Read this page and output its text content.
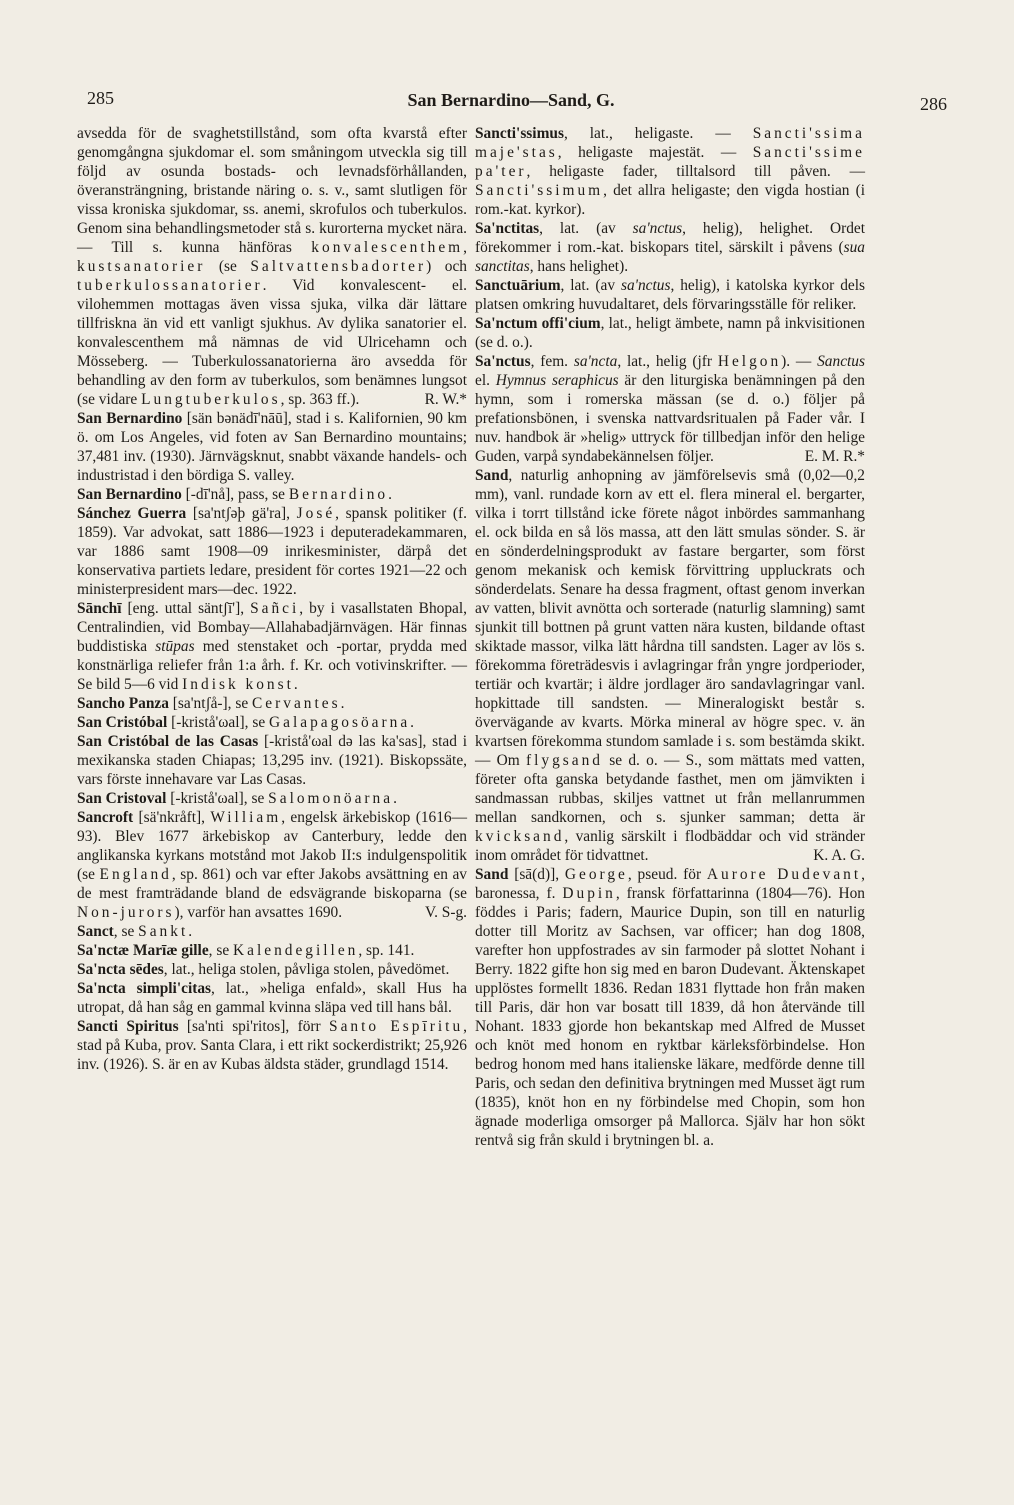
285	San Bernardino—Sand, G.	286

avsedda för de svaghetstillstånd, som ofta kvarstå efter genomgångna sjukdomar el. som småningom utveckla sig till följd av osunda bostads- och levnadsförhållanden, överansträngning, bristande näring o. s. v., samt slutligen för vissa kroniska sjukdomar, ss. anemi, skrofulos och tuberkulos. Genom sina behandlingsmetoder stå s. kurorterna mycket nära. — Till s. kunna hänföras konvalescenthem, kustsanatorier (se Saltvattensbadorter) och tuberkulossanatorier. Vid konvalescent- el. vilohemmen mottagas även vissa sjuka, vilka där lättare tillfriskna än vid ett vanligt sjukhus. Av dylika sanatorier el. konvalescenthem må nämnas de vid Ulricehamn och Mösseberg. — Tuberkulossanatorierna äro avsedda för behandling av den form av tuberkulos, som benämnes lungsot (se vidare Lungtuberkulos, sp. 363 ff.).	R. W.*

San Bernardino [sän bənädī'nāū], stad i s. Kalifornien, 90 km ö. om Los Angeles, vid foten av San Bernardino mountains; 37,481 inv. (1930). Järnvägsknut, snabbt växande handels- och industristad i den bördiga S. valley.

San Bernardino [-dī'nå], pass, se Bernardino.

Sánchez Guerra [sa'ntʃəþ gä'ra], José, spansk politiker (f. 1859). Var advokat, satt 1886—1923 i deputeradekammaren, var 1886 samt 1908—09 inrikesminister, därpå det konservativa partiets ledare, president för cortes 1921—22 och ministerpresident mars—dec. 1922.

Sānchī [eng. uttal säntʃī'], Sañci, by i vasallstaten Bhopal, Centralindien, vid Bombay—Allahabadjärnvägen. Här finnas buddistiska stūpas med stenstaket och -portar, prydda med konstnärliga reliefer från 1:a årh. f. Kr. och votivinskrifter. — Se bild 5—6 vid Indisk konst.

Sancho Panza [sa'ntʃå-], se Cervantes.

San Cristóbal [-kristå'ωal], se Galapagosöarna.

San Cristóbal de las Casas [-kristå'ωal də las ka'sas], stad i mexikanska staden Chiapas; 13,295 inv. (1921). Biskopssäte, vars förste innehavare var Las Casas.

San Cristoval [-kristå'ωal], se Salomonöarna.

Sancroft [sä'nkråft], William, engelsk ärkebiskop (1616—93). Blev 1677 ärkebiskop av Canterbury, ledde den anglikanska kyrkans motstånd mot Jakob II:s indulgenspolitik (se England, sp. 861) och var efter Jakobs avsättning en av de mest framträdande bland de edsvägrande biskoparna (se Non-jurors), varför han avsattes 1690.	V. S-g.

Sanct, se Sankt.

Sa'nctæ Marīæ gille, se Kalendegillen, sp. 141.

Sa'ncta sēdes, lat., heliga stolen, påvliga stolen, påvedömet.

Sa'ncta simpli'citas, lat., »heliga enfald», skall Hus ha utropat, då han såg en gammal kvinna släpa ved till hans bål.

Sancti Spiritus [sa'nti spi'ritos], förr Santo Espīritu, stad på Kuba, prov. Santa Clara, i ett rikt sockerdistrikt; 25,926 inv. (1926). S. är en av Kubas äldsta städer, grundlagd 1514.

Sancti'ssimus, lat., heligaste. — Sancti'ssima maje'stas, heligaste majestät. — Sancti'ssime pa'ter, heligaste fader, tilltalsord till påven. — Sancti'ssimum, det allra heligaste; den vigda hostian (i rom.-kat. kyrkor).

Sa'nctitas, lat. (av sa'nctus, helig), helighet. Ordet förekommer i rom.-kat. biskopars titel, särskilt i påvens (sua sanctitas, hans helighet).

Sanctuārium, lat. (av sa'nctus, helig), i katolska kyrkor dels platsen omkring huvudaltaret, dels förvaringsställe för reliker.

Sa'nctum offi'cium, lat., heligt ämbete, namn på inkvisitionen (se d. o.).

Sa'nctus, fem. sa'ncta, lat., helig (jfr Helgon). — Sanctus el. Hymnus seraphicus är den liturgiska benämningen på den hymn, som i romerska mässan (se d. o.) följer på prefationsbönen, i svenska nattvardsritualen på Fader vår. I nuv. handbok är »helig» uttryck för tillbedjan inför den helige Guden, varpå syndabekännelsen följer.	E. M. R.*

Sand, naturlig anhopning av jämförelsevis små (0,02—0,2 mm), vanl. rundade korn av ett el. flera mineral el. bergarter, vilka i torrt tillstånd icke förete något inbördes sammanhang el. ock bilda en så lös massa, att den lätt smulas sönder. S. är en sönderdelningsprodukt av fastare bergarter, som först genom mekanisk och kemisk förvittring uppluckrats och sönderdelats. Senare ha dessa fragment, oftast genom inverkan av vatten, blivit avnötta och sorterade (naturlig slamning) samt sjunkit till bottnen på grunt vatten nära kusten, bildande oftast skiktade massor, vilka lätt hårdna till sandsten. Lager av lös s. förekomma företrädesvis i avlagringar från yngre jordperioder, tertiär och kvartär; i äldre jordlager äro sandavlagringar vanl. hopkittade till sandsten. — Mineralogiskt består s. övervägande av kvarts. Mörka mineral av högre spec. v. än kvartsen förekomma stundom samlade i s. som bestämda skikt. — Om flygsand se d. o. — S., som mättats med vatten, företer ofta ganska betydande fasthet, men om jämvikten i sandmassan rubbas, skiljes vattnet ut från mellanrummen mellan sandkornen, och s. sjunker samman; detta är kvicksand, vanlig särskilt i flodbäddar och vid stränder inom området för tidvattnet.	K. A. G.

Sand [sā(d)], George, pseud. för Aurore Dudevant, baronessa, f. Dupin, fransk författarinna (1804—76). Hon föddes i Paris; fadern, Maurice Dupin, son till en naturlig dotter till Moritz av Sachsen, var officer; han dog 1808, varefter hon uppfostrades av sin farmoder på slottet Nohant i Berry. 1822 gifte hon sig med en baron Dudevant. Äktenskapet upplöstes formellt 1836. Redan 1831 flyttade hon från maken till Paris, där hon var bosatt till 1839, då hon återvände till Nohant. 1833 gjorde hon bekantskap med Alfred de Musset och knöt med honom en ryktbar kärleksförbindelse. Hon bedrog honom med hans italienske läkare, medförde denne till Paris, och sedan den definitiva brytningen med Musset ägt rum (1835), knöt hon en ny förbindelse med Chopin, som hon ägnade moderliga omsorger på Mallorca. Själv har hon sökt rentvå sig från skuld i brytningen bl. a.
